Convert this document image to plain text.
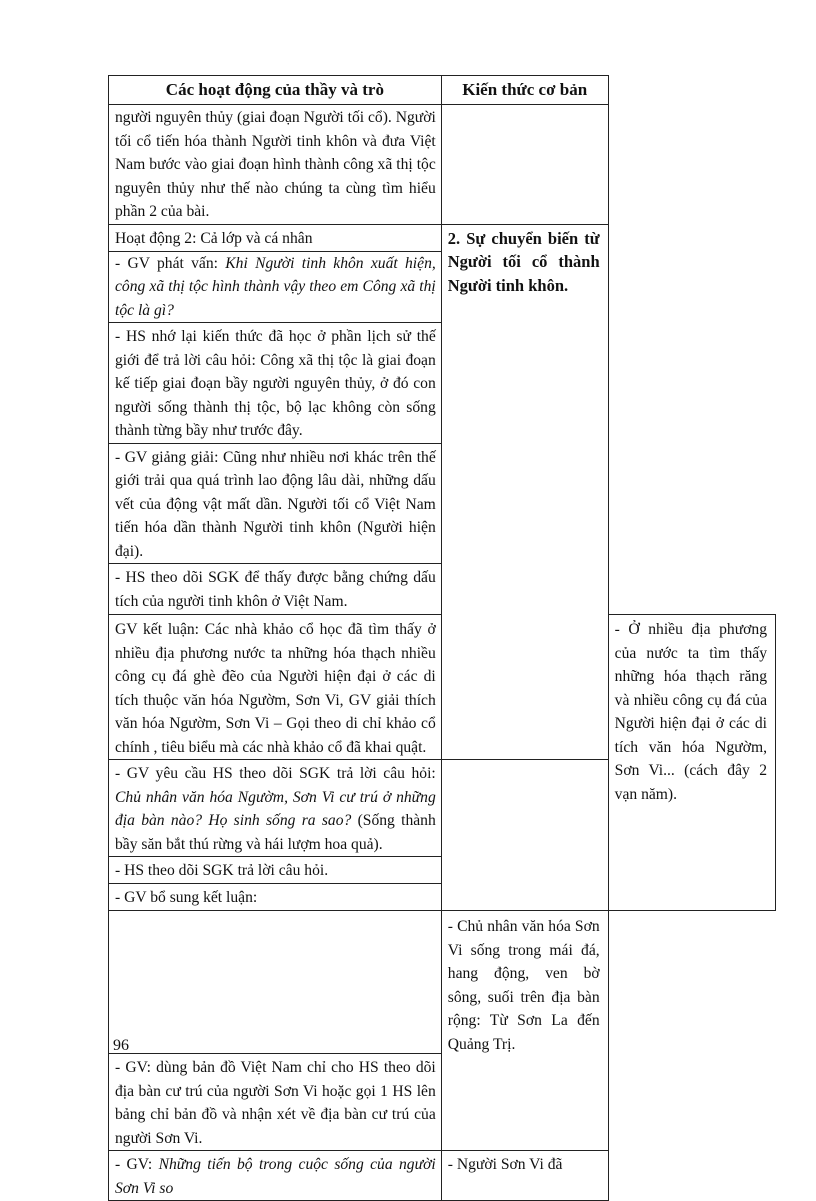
Các hoạt động của thầy và trò	Kiến thức cơ bản	

người nguyên thủy (giai đoạn Người tối cổ). Người tối cổ tiến hóa thành Người tinh khôn và đưa Việt Nam bước vào giai đoạn hình thành công xã thị tộc nguyên thủy như thế nào chúng ta cùng tìm hiểu phần 2 của bài.		

Hoạt động 2: Cả lớp và cá nhân	2. Sự chuyển biến từ Người tối cổ thành Người tinh khôn.	

- GV phát vấn: Khi Người tinh khôn xuất hiện, công xã thị tộc hình thành vậy theo em Công xã thị tộc là gì?		

- HS nhớ lại kiến thức đã học ở phần lịch sử thế giới để trả lời câu hỏi: Công xã thị tộc là giai đoạn kế tiếp giai đoạn bầy người nguyên thủy, ở đó con người sống thành thị tộc, bộ lạc không còn sống thành từng bầy như trước đây.		

- GV giảng giải: Cũng như nhiều nơi khác trên thế giới trải qua quá trình lao động lâu dài, những dấu vết của động vật mất dần. Người tối cổ Việt Nam tiến hóa dần thành Người tinh khôn (Người hiện đại).		

- HS theo dõi SGK để thấy được bằng chứng dấu tích của người tinh khôn ở Việt Nam.		

GV kết luận: Các nhà khảo cổ học đã tìm thấy ở nhiều địa phương nước ta những hóa thạch nhiều công cụ đá ghè đẽo của Người hiện đại ở các di tích thuộc văn hóa Ngườm, Sơn Vi, GV giải thích văn hóa Ngườm, Sơn Vi – Gọi theo di chỉ khảo cổ chính , tiêu biểu mà các nhà khảo cổ đã khai quật.		- Ở nhiều địa phương của nước ta tìm thấy những hóa thạch răng và nhiều công cụ đá của Người hiện đại ở các di tích văn hóa Ngườm, Sơn Vi... (cách đây 2 vạn năm).

- GV yêu cầu HS theo dõi SGK trả lời câu hỏi: Chủ nhân văn hóa Ngườm, Sơn Vi cư trú ở những địa bàn nào? Họ sinh sống ra sao? (Sống thành bầy săn bắt thú rừng và hái lượm hoa quả).		

- HS theo dõi SGK trả lời câu hỏi.		

- GV bổ sung kết luận:		

	- Chủ nhân văn hóa Sơn Vi sống trong mái đá, hang động, ven bờ sông, suối trên địa bàn rộng: Từ Sơn La đến Quảng Trị.	

- GV: dùng bản đồ Việt Nam chỉ cho HS theo dõi địa bàn cư trú của người Sơn Vi hoặc gọi 1 HS lên bảng chỉ bản đồ và nhận xét về địa bàn cư trú của người Sơn Vi.		

- GV: Những tiến bộ trong cuộc sống của người Sơn Vi so	- Người Sơn Vi đã	
96
